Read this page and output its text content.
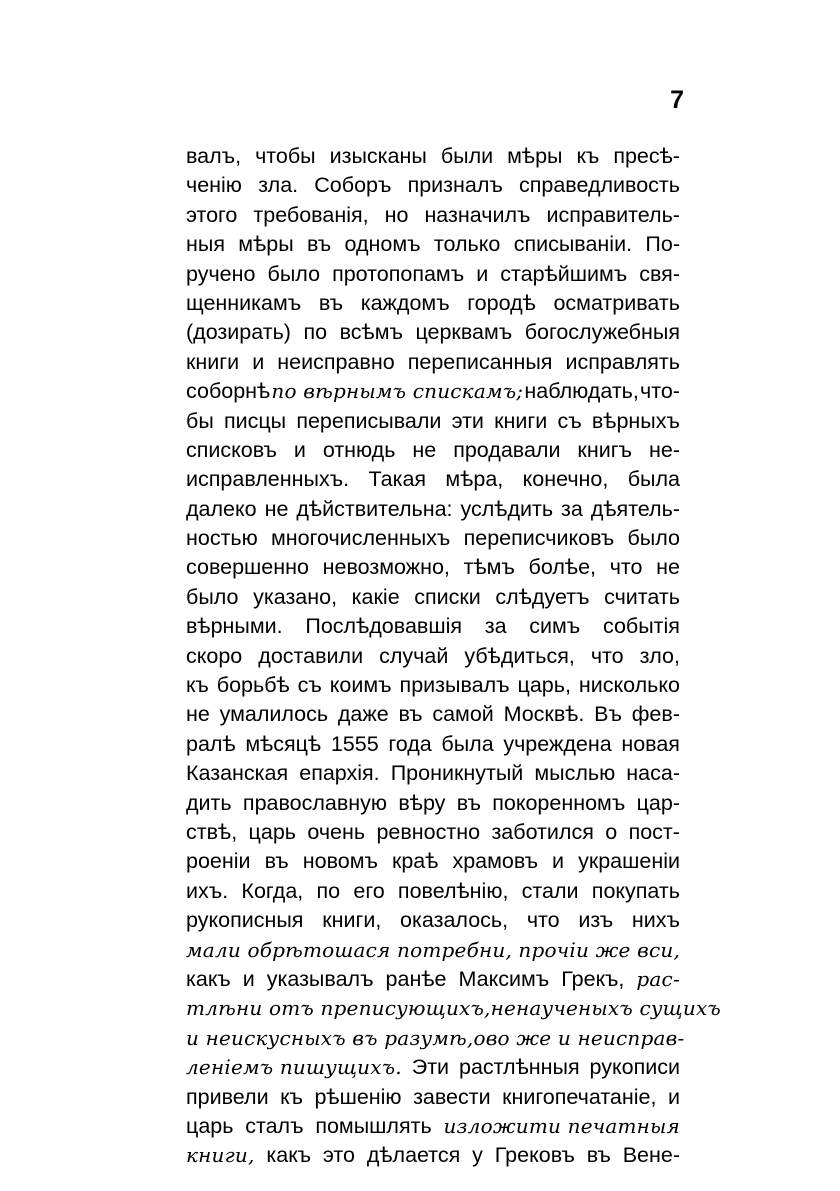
7
валъ, чтобы изысканы были мѣры къ пресѣ-
ченію зла. Соборъ призналъ справедливость
этого требованія, но назначилъ исправитель-
ныя мѣры въ одномъ только списываніи. По-
ручено было протопопамъ и старѣйшимъ свя-
щенникамъ въ каждомъ городѣ осматривать
(дозирать) по всѣмъ церквамъ богослужебныя
книги и неисправно переписанныя исправлять
соборнѣ по вѣрнымъ спискамъ; наблюдать, что-
бы писцы переписывали эти книги съ вѣрныхъ
списковъ и отнюдь не продавали книгъ не-
исправленныхъ. Такая мѣра, конечно, была
далеко не дѣйствительна: услѣдить за дѣятель-
ностью многочисленныхъ переписчиковъ было
совершенно невозможно, тѣмъ болѣе, что не
было указано, какіе списки слѣдуетъ считать
вѣрными. Послѣдовавшія за симъ событія
скоро доставили случай убѣдиться, что зло,
къ борьбѣ съ коимъ призывалъ царь, нисколько
не умалилось даже въ самой Москвѣ. Въ фев-
ралѣ мѣсяцѣ 1555 года была учреждена новая
Казанская епархія. Проникнутый мыслью наса-
дить православную вѣру въ покоренномъ цар-
ствѣ, царь очень ревностно заботился о пост-
роеніи въ новомъ краѣ храмовъ и украшеніи
ихъ. Когда, по его повелѣнію, стали покупать
рукописныя книги, оказалось, что изъ нихъ
мали обрѣтошася потребни, прочіи же вси,
какъ и указывалъ ранѣе Максимъ Грекъ, рас-
тлѣни отъ преписующихъ, ненаученыхъ сущихъ
и неискусныхъ въ разумѣ, ово же и неисправ-
леніемъ пишущихъ. Эти растлѣнныя рукописи
привели къ рѣшенію завести книгопечатаніе, и
царь сталъ помышлять изложити печатныя
книги, какъ это дѣлается у Грековъ въ Вене-
